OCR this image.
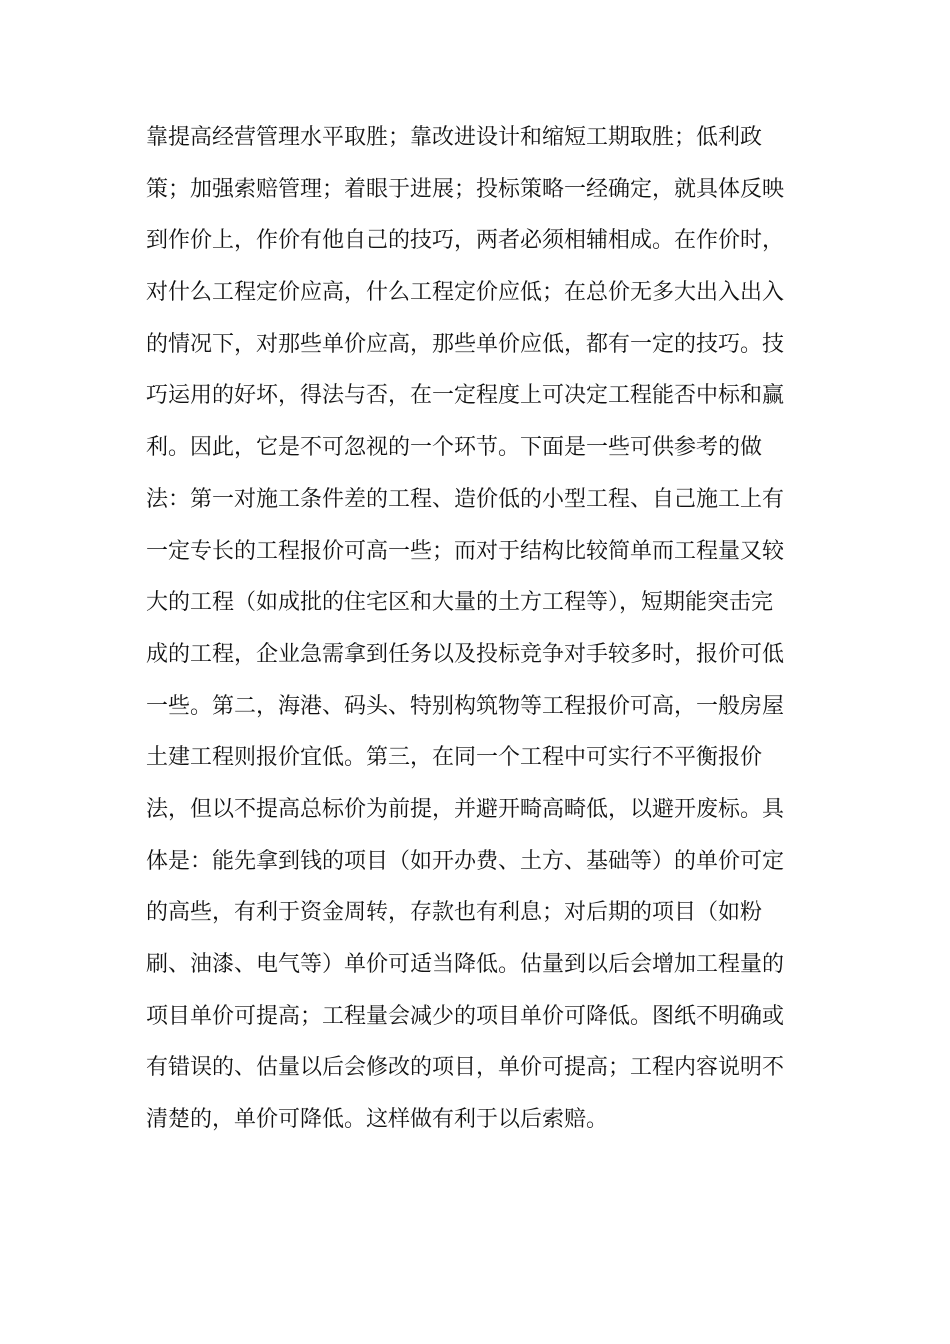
靠提高经营管理水平取胜；靠改进设计和缩短工期取胜；低利政
策；加强索赔管理；着眼于进展；投标策略一经确定，就具体反映
到作价上，作价有他自己的技巧，两者必须相辅相成。在作价时，
对什么工程定价应高，什么工程定价应低；在总价无多大出入出入
的情况下，对那些单价应高，那些单价应低，都有一定的技巧。技
巧运用的好坏，得法与否，在一定程度上可决定工程能否中标和赢
利。因此，它是不可忽视的一个环节。下面是一些可供参考的做
法：第一对施工条件差的工程、造价低的小型工程、自己施工上有
一定专长的工程报价可高一些；而对于结构比较简单而工程量又较
大的工程（如成批的住宅区和大量的土方工程等），短期能突击完
成的工程，企业急需拿到任务以及投标竞争对手较多时，报价可低
一些。第二，海港、码头、特别构筑物等工程报价可高，一般房屋
土建工程则报价宜低。第三，在同一个工程中可实行不平衡报价
法，但以不提高总标价为前提，并避开畸高畸低，以避开废标。具
体是：能先拿到钱的项目（如开办费、土方、基础等）的单价可定
的高些，有利于资金周转，存款也有利息；对后期的项目（如粉
刷、油漆、电气等）单价可适当降低。估量到以后会增加工程量的
项目单价可提高；工程量会减少的项目单价可降低。图纸不明确或
有错误的、估量以后会修改的项目，单价可提高；工程内容说明不
清楚的，单价可降低。这样做有利于以后索赔。
